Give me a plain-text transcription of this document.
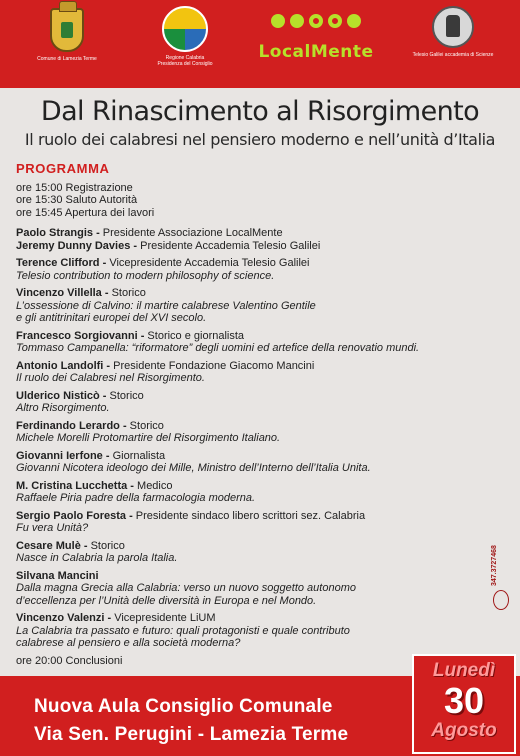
Comune di Lamezia Terme	Regione Calabria
Presidenza del Consiglio
LocalMente	Telesio Galilei accademia di Scienze
Dal Rinascimento al Risorgimento
Il ruolo dei calabresi nel pensiero moderno e nell’unità d’Italia
PROGRAMMA
ore 15:00 Registrazione
ore 15:30 Saluto Autorità
ore 15:45 Apertura dei lavori
Paolo Strangis - Presidente Associazione LocalMente
Jeremy Dunny Davies - Presidente Accademia Telesio Galilei
Terence Clifford - Vicepresidente Accademia Telesio Galilei
Telesio contribution to modern philosophy of science.
Vincenzo Villella - Storico
L’ossessione di Calvino: il martire calabrese Valentino Gentile
e gli antitrinitari europei del XVI secolo.
Francesco Sorgiovanni - Storico e giornalista
Tommaso Campanella: “riformatore” degli uomini ed artefice della renovatio mundi.
Antonio Landolfi - Presidente Fondazione Giacomo Mancini
Il ruolo dei Calabresi nel Risorgimento.
Ulderico Nisticò - Storico
Altro Risorgimento.
Ferdinando Lerardo - Storico
Michele Morelli Protomartire del Risorgimento Italiano.
Giovanni Ierfone - Giornalista
Giovanni Nicotera ideologo dei Mille, Ministro dell’Interno dell’Italia Unita.
M. Cristina Lucchetta - Medico
Raffaele Piria padre della farmacologia moderna.
Sergio Paolo Foresta - Presidente sindaco libero scrittori sez. Calabria
Fu vera Unità?
Cesare Mulè - Storico
Nasce in Calabria la parola Italia.
Silvana Mancini
Dalla magna Grecia alla Calabria: verso un nuovo soggetto autonomo
d’eccellenza per l’Unità delle diversità in Europa e nel Mondo.
Vincenzo Valenzi - Vicepresidente LiUM
La Calabria tra passato e futuro: quali protagonisti e quale contributo
calabrese al pensiero e alla società moderna?
ore 20:00 Conclusioni
347.3727468
Nuova Aula Consiglio Comunale
Via Sen. Perugini - Lamezia Terme
Lunedì
30
Agosto
